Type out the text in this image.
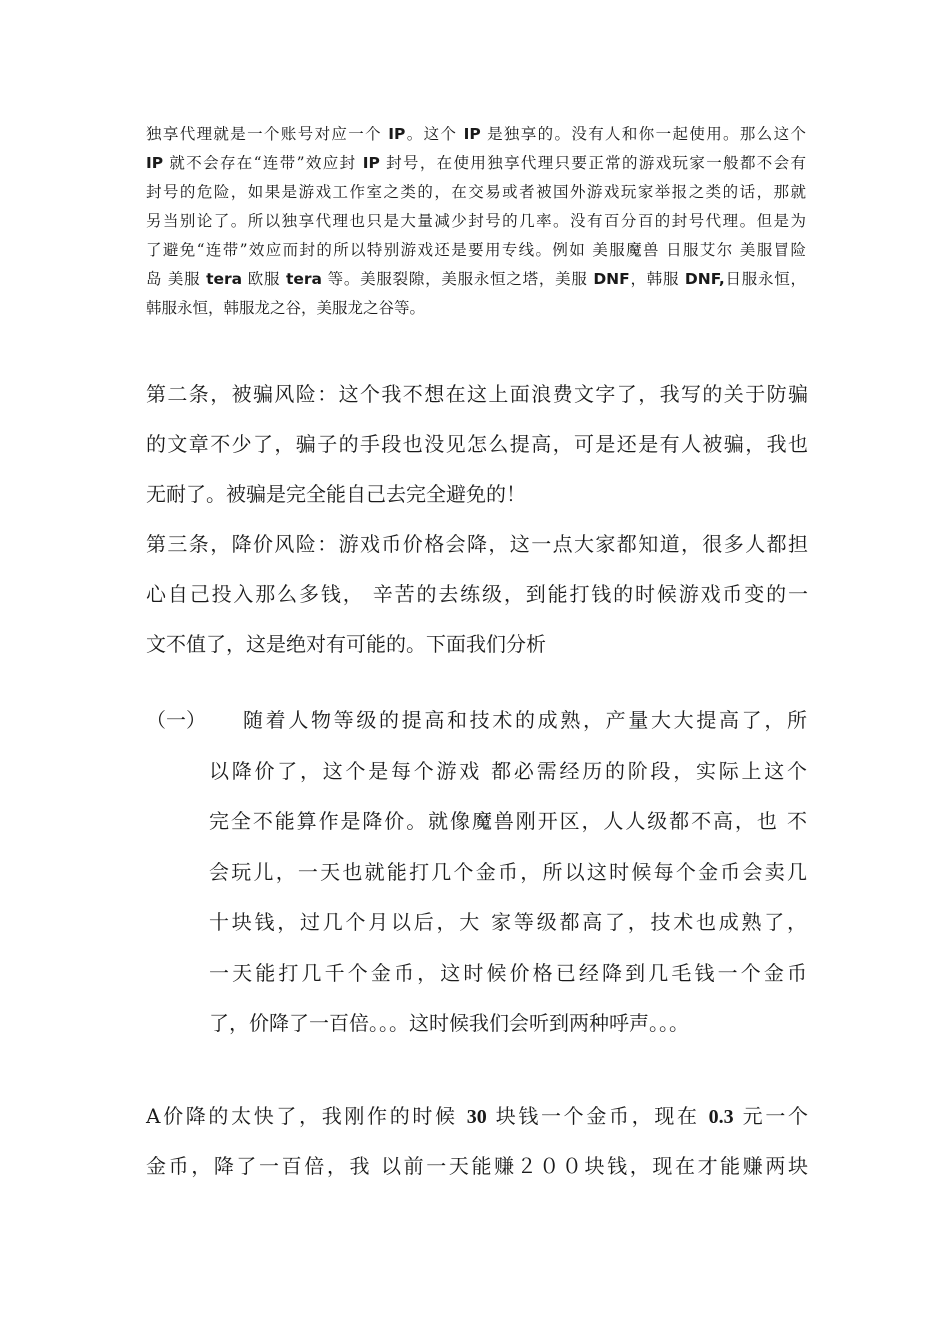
独享代理就是一个账号对应一个 IP。这个 IP 是独享的。没有人和你一起使用。那么这个
IP 就不会存在“连带”效应封 IP 封号，在使用独享代理只要正常的游戏玩家一般都不会有
封号的危险，如果是游戏工作室之类的，在交易或者被国外游戏玩家举报之类的话，那就
另当别论了。所以独享代理也只是大量减少封号的几率。没有百分百的封号代理。但是为
了避免“连带”效应而封的所以特别游戏还是要用专线。例如 美服魔兽 日服艾尔 美服冒险
岛 美服 tera 欧服 tera 等。美服裂隙，美服永恒之塔，美服 DNF，韩服 DNF,日服永恒，
韩服永恒，韩服龙之谷，美服龙之谷等。
第二条，被骗风险：这个我不想在这上面浪费文字了，我写的关于防骗
的文章不少了，骗子的手段也没见怎么提高，可是还是有人被骗，我也
无耐了。被骗是完全能自己去完全避免的！
第三条，降价风险：游戏币价格会降，这一点大家都知道，很多人都担
心自己投入那么多钱， 辛苦的去练级，到能打钱的时候游戏币变的一
文不值了，这是绝对有可能的。下面我们分析
（一）	随着人物等级的提高和技术的成熟，产量大大提高了，所
以降价了，这个是每个游戏 都必需经历的阶段，实际上这个
完全不能算作是降价。就像魔兽刚开区，人人级都不高，也 不
会玩儿，一天也就能打几个金币，所以这时候每个金币会卖几
十块钱，过几个月以后，大 家等级都高了，技术也成熟了，
一天能打几千个金币，这时候价格已经降到几毛钱一个金币
了，价降了一百倍。。。这时候我们会听到两种呼声。。。
A价降的太快了，我刚作的时候 30 块钱一个金币，现在 0.3 元一个
金币，降了一百倍，我 以前一天能赚２００块钱，现在才能赚两块
